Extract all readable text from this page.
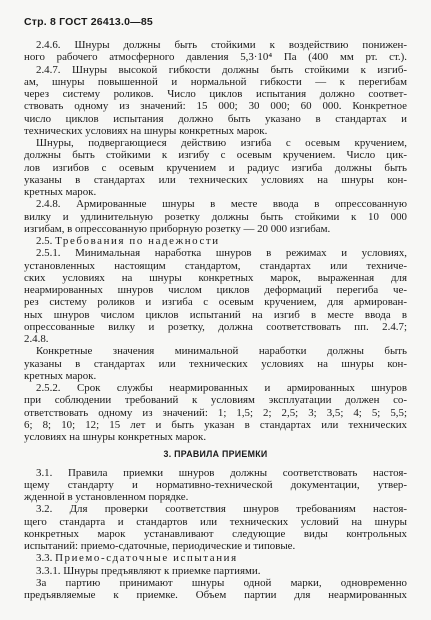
Стр. 8 ГОСТ 26413.0—85
2.4.6. Шнуры должны быть стойкими к воздействию понижен-
ного рабочего атмосферного давления 5,3·10⁴ Па (400 мм рт. ст.).
2.4.7. Шнуры высокой гибкости должны быть стойкими к изгиб-
ам, шнуры повышенной и нормальной гибкости — к перегибам
через систему роликов. Число циклов испытания должно соответ-
ствовать одному из значений: 15 000; 30 000; 60 000. Конкретное
число циклов испытания должно быть указано в стандартах и
технических условиях на шнуры конкретных марок.
Шнуры, подвергающиеся действию изгиба с осевым кручением,
должны быть стойкими к изгибу с осевым кручением. Число цик-
лов изгибов с осевым кручением и радиус изгиба должны быть
указаны в стандартах или технических условиях на шнуры кон-
кретных марок.
2.4.8. Армированные шнуры в месте ввода в опрессованную
вилку и удлинительную розетку должны быть стойкими к 10 000
изгибам, в опрессованную приборную розетку — 20 000 изгибам.
2.5. Требования по надежности
2.5.1. Минимальная наработка шнуров в режимах и условиях,
установленных настоящим стандартом, стандартах или техниче-
ских условиях на шнуры конкретных марок, выраженная для
неармированных шнуров числом циклов деформаций перегиба че-
рез систему роликов и изгиба с осевым кручением, для армирован-
ных шнуров числом циклов испытаний на изгиб в месте ввода в
опрессованные вилку и розетку, должна соответствовать пп. 2.4.7;
2.4.8.
Конкретные значения минимальной наработки должны быть
указаны в стандартах или технических условиях на шнуры кон-
кретных марок.
2.5.2. Срок службы неармированных и армированных шнуров
при соблюдении требований к условиям эксплуатации должен со-
ответствовать одному из значений: 1; 1,5; 2; 2,5; 3; 3,5; 4; 5; 5,5;
6; 8; 10; 12; 15 лет и быть указан в стандартах или технических
условиях на шнуры конкретных марок.
3. ПРАВИЛА ПРИЕМКИ
3.1. Правила приемки шнуров должны соответствовать настоя-
щему стандарту и нормативно-технической документации, утвер-
жденной в установленном порядке.
3.2. Для проверки соответствия шнуров требованиям настоя-
щего стандарта и стандартов или технических условий на шнуры
конкретных марок устанавливают следующие виды контрольных
испытаний: приемо-сдаточные, периодические и типовые.
3.3. Приемо-сдаточные испытания
3.3.1. Шнуры предъявляют к приемке партиями.
За партию принимают шнуры одной марки, одновременно
предъявляемые к приемке. Объем партии для неармированных
